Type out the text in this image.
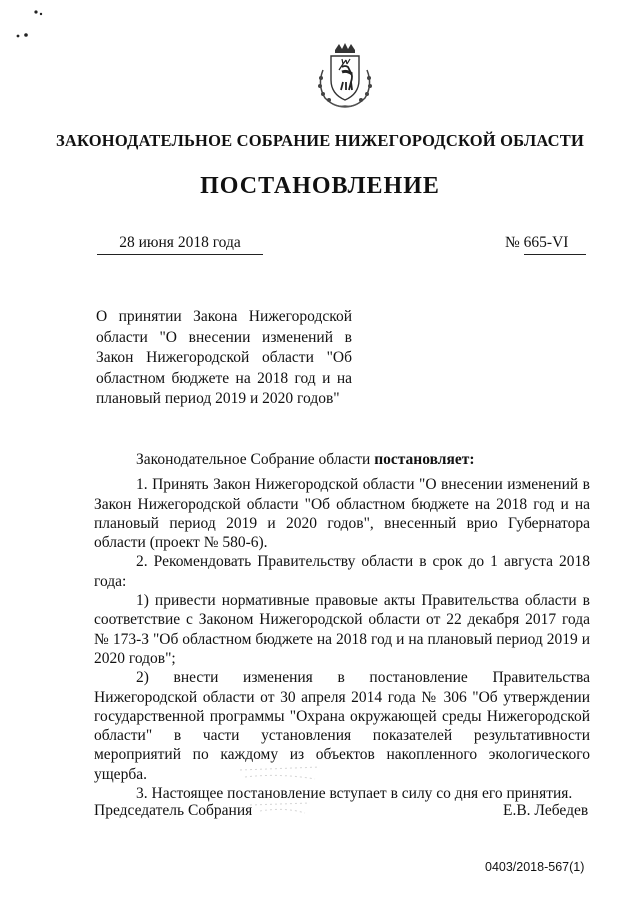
ЗАКОНОДАТЕЛЬНОЕ СОБРАНИЕ НИЖЕГОРОДСКОЙ ОБЛАСТИ
ПОСТАНОВЛЕНИЕ
28 июня 2018 года	№ 665-VI
О принятии Закона Нижегородской области "О внесении изменений в Закон Нижегородской области "Об областном бюджете на 2018 год и на плановый период 2019 и 2020 годов"

Законодательное Собрание области постановляет:

1. Принять Закон Нижегородской области "О внесении изменений в Закон Нижегородской области "Об областном бюджете на 2018 год и на плановый период 2019 и 2020 годов", внесенный врио Губернатора области (проект № 580-6).

2. Рекомендовать Правительству области в срок до 1 августа 2018 года:

1) привести нормативные правовые акты Правительства области в соответствие с Законом Нижегородской области от 22 декабря 2017 года № 173-З "Об областном бюджете на 2018 год и на плановый период 2019 и 2020 годов";

2) внести изменения в постановление Правительства Нижегородской области от 30 апреля 2014 года № 306 "Об утверждении государственной программы "Охрана окружающей среды Нижегородской области" в части установления показателей результативности мероприятий по каждому из объектов накопленного экологического ущерба.

3. Настоящее постановление вступает в силу со дня его принятия.

Председатель Собрания	Е.В. Лебедев
0403/2018-567(1)
